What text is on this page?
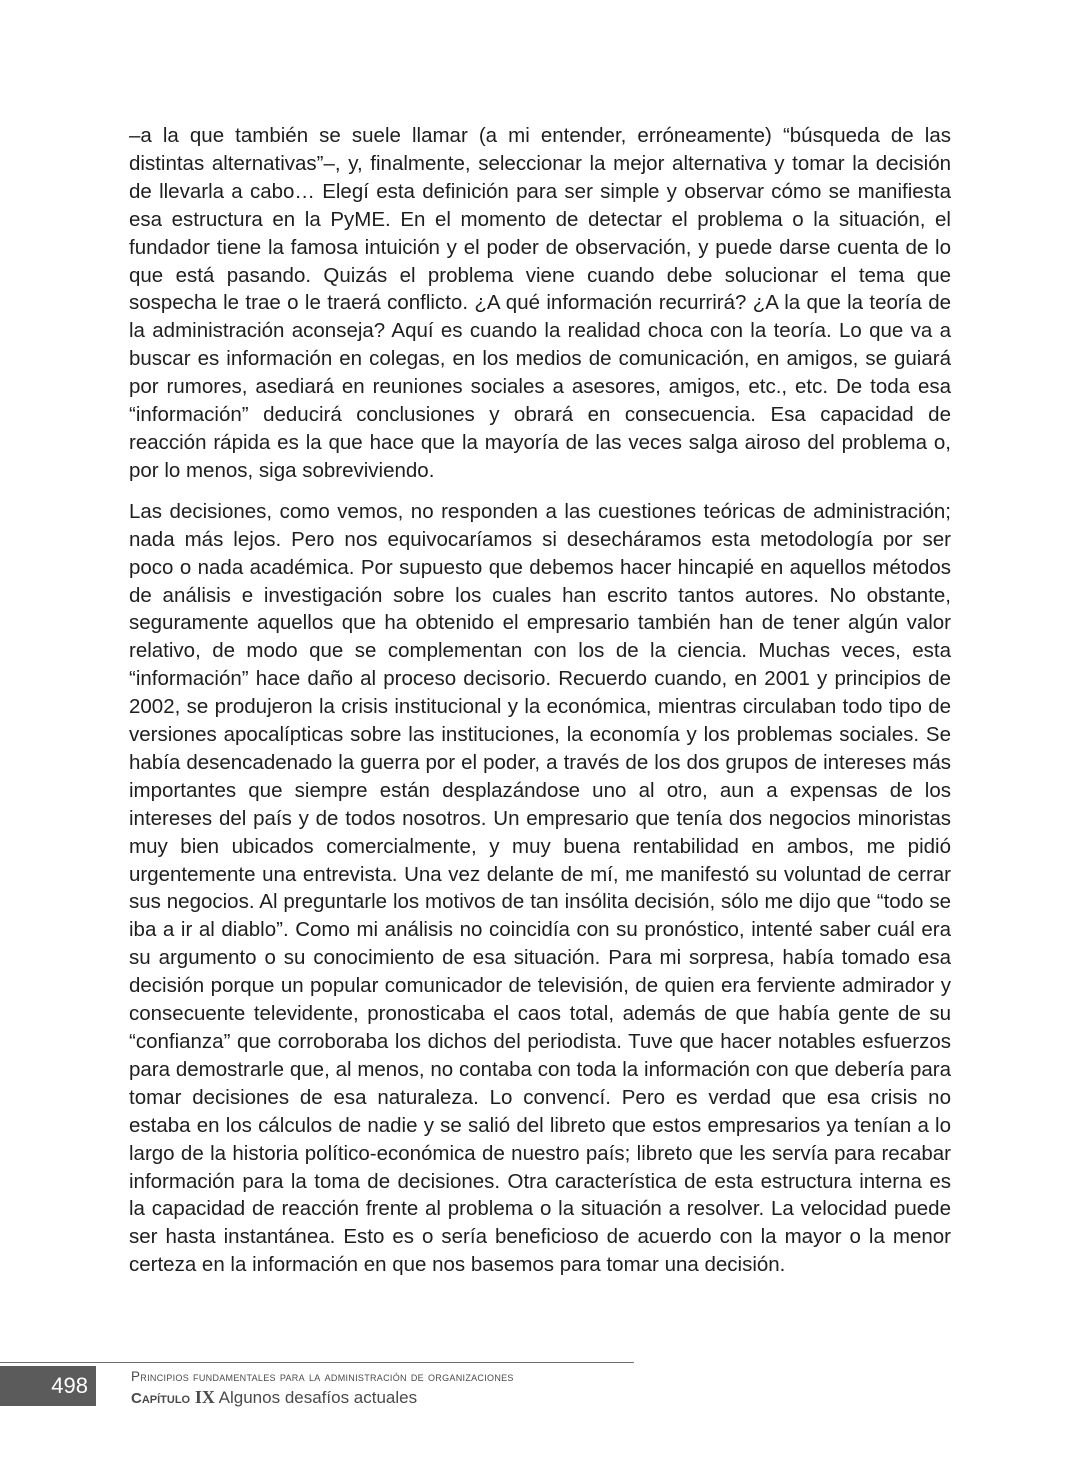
–a la que también se suele llamar (a mi entender, erróneamente) “búsqueda de las distintas alternativas”–, y, finalmente, seleccionar la mejor alternativa y tomar la decisión de llevarla a cabo… Elegí esta definición para ser simple y observar cómo se manifiesta esa estructura en la PyME. En el momento de detectar el problema o la situación, el fundador tiene la famosa intuición y el poder de observación, y puede darse cuenta de lo que está pasando. Quizás el problema viene cuando debe solucionar el tema que sospecha le trae o le traerá conflicto. ¿A qué información recurrirá? ¿A la que la teoría de la administración aconseja? Aquí es cuando la realidad choca con la teoría. Lo que va a buscar es información en colegas, en los medios de comunicación, en amigos, se guiará por rumores, asediará en reuniones sociales a asesores, amigos, etc., etc. De toda esa “información” deducirá conclusiones y obrará en consecuencia. Esa capacidad de reacción rápida es la que hace que la mayoría de las veces salga airoso del problema o, por lo menos, siga sobreviviendo.

Las decisiones, como vemos, no responden a las cuestiones teóricas de administración; nada más lejos. Pero nos equivocaríamos si desecháramos esta metodología por ser poco o nada académica. Por supuesto que debemos hacer hincapié en aquellos métodos de análisis e investigación sobre los cuales han escrito tantos autores. No obstante, seguramente aquellos que ha obtenido el empresario también han de tener algún valor relativo, de modo que se complementan con los de la ciencia. Muchas veces, esta “información” hace daño al proceso decisorio. Recuerdo cuando, en 2001 y principios de 2002, se produjeron la crisis institucional y la económica, mientras circulaban todo tipo de versiones apocalípticas sobre las instituciones, la economía y los problemas sociales. Se había desencadenado la guerra por el poder, a través de los dos grupos de intereses más importantes que siempre están desplazándose uno al otro, aun a expensas de los intereses del país y de todos nosotros. Un empresario que tenía dos negocios minoristas muy bien ubicados comercialmente, y muy buena rentabilidad en ambos, me pidió urgentemente una entrevista. Una vez delante de mí, me manifestó su voluntad de cerrar sus negocios. Al preguntarle los motivos de tan insólita decisión, sólo me dijo que “todo se iba a ir al diablo”. Como mi análisis no coincidía con su pronóstico, intenté saber cuál era su argumento o su conocimiento de esa situación. Para mi sorpresa, había tomado esa decisión porque un popular comunicador de televisión, de quien era ferviente admirador y consecuente televidente, pronosticaba el caos total, además de que había gente de su “confianza” que corroboraba los dichos del periodista. Tuve que hacer notables esfuerzos para demostrarle que, al menos, no contaba con toda la información con que debería para tomar decisiones de esa naturaleza. Lo convencí. Pero es verdad que esa crisis no estaba en los cálculos de nadie y se salió del libreto que estos empresarios ya tenían a lo largo de la historia político-económica de nuestro país; libreto que les servía para recabar información para la toma de decisiones. Otra característica de esta estructura interna es la capacidad de reacción frente al problema o la situación a resolver. La velocidad puede ser hasta instantánea. Esto es o sería beneficioso de acuerdo con la mayor o la menor certeza en la información en que nos basemos para tomar una decisión.

498	Principios fundamentales para la administración de organizaciones
Capítulo IX Algunos desafíos actuales
